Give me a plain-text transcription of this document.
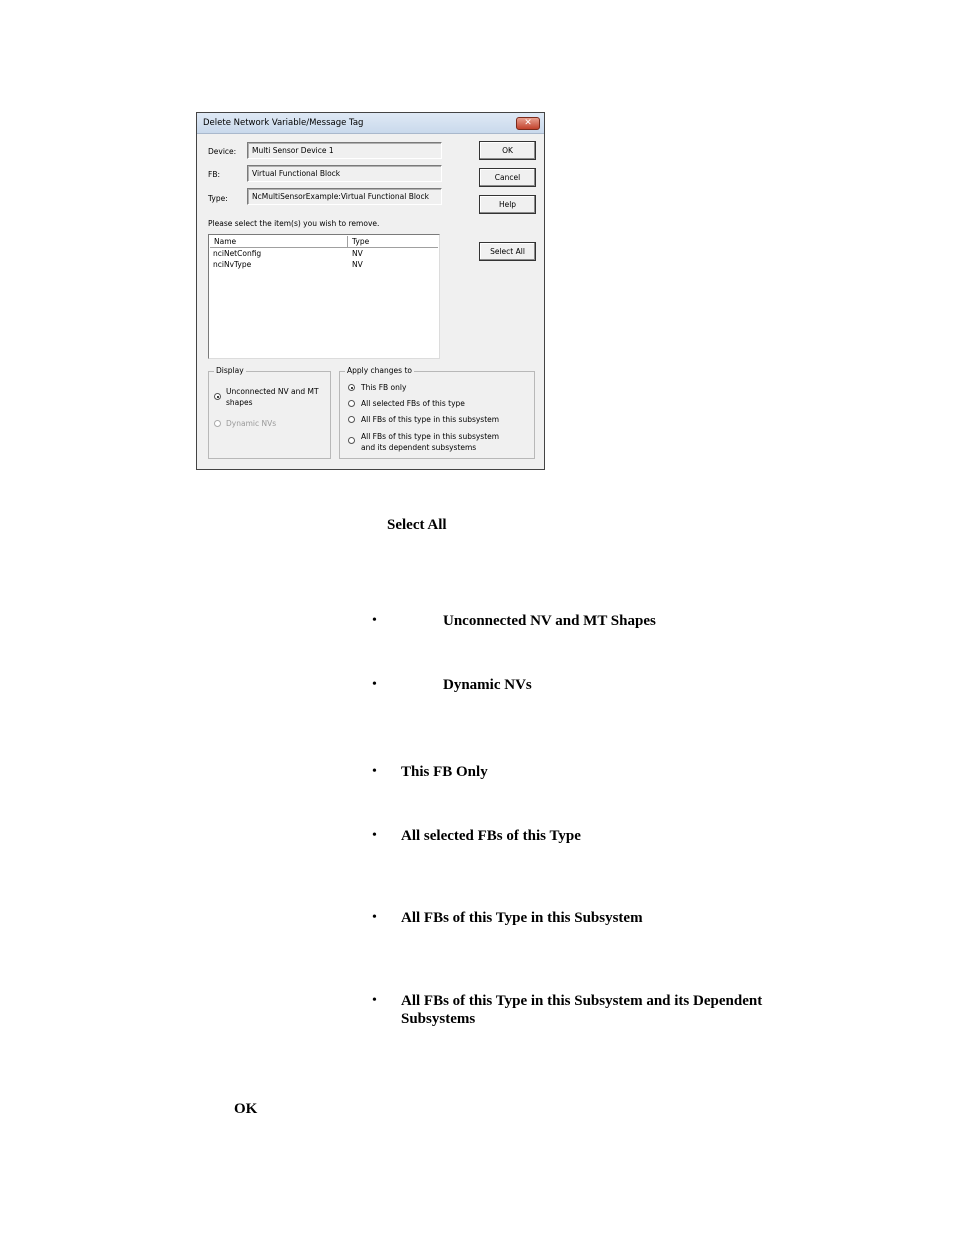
Delete Network Variable/Message Tag	✕
Device:	Multi Sensor Device 1
FB:	Virtual Functional Block
Type:	NcMultiSensorExample:Virtual Functional Block
Please select the item(s) you wish to remove.
OK
Cancel
Help
Select All
Name	Type
nciNetConfig	NV
nciNvType	NV
Display
Unconnected NV and MT
shapes
Dynamic NVs
Apply changes to
This FB only
All selected FBs of this type
All FBs of this type in this subsystem
All FBs of this type in this subsystem
and its dependent subsystems
Select All
•	Unconnected NV and MT Shapes
•	Dynamic NVs
• This FB Only
• All selected FBs of this Type
• All FBs of this Type in this Subsystem
• All FBs of this Type in this Subsystem and its Dependent
Subsystems
OK
